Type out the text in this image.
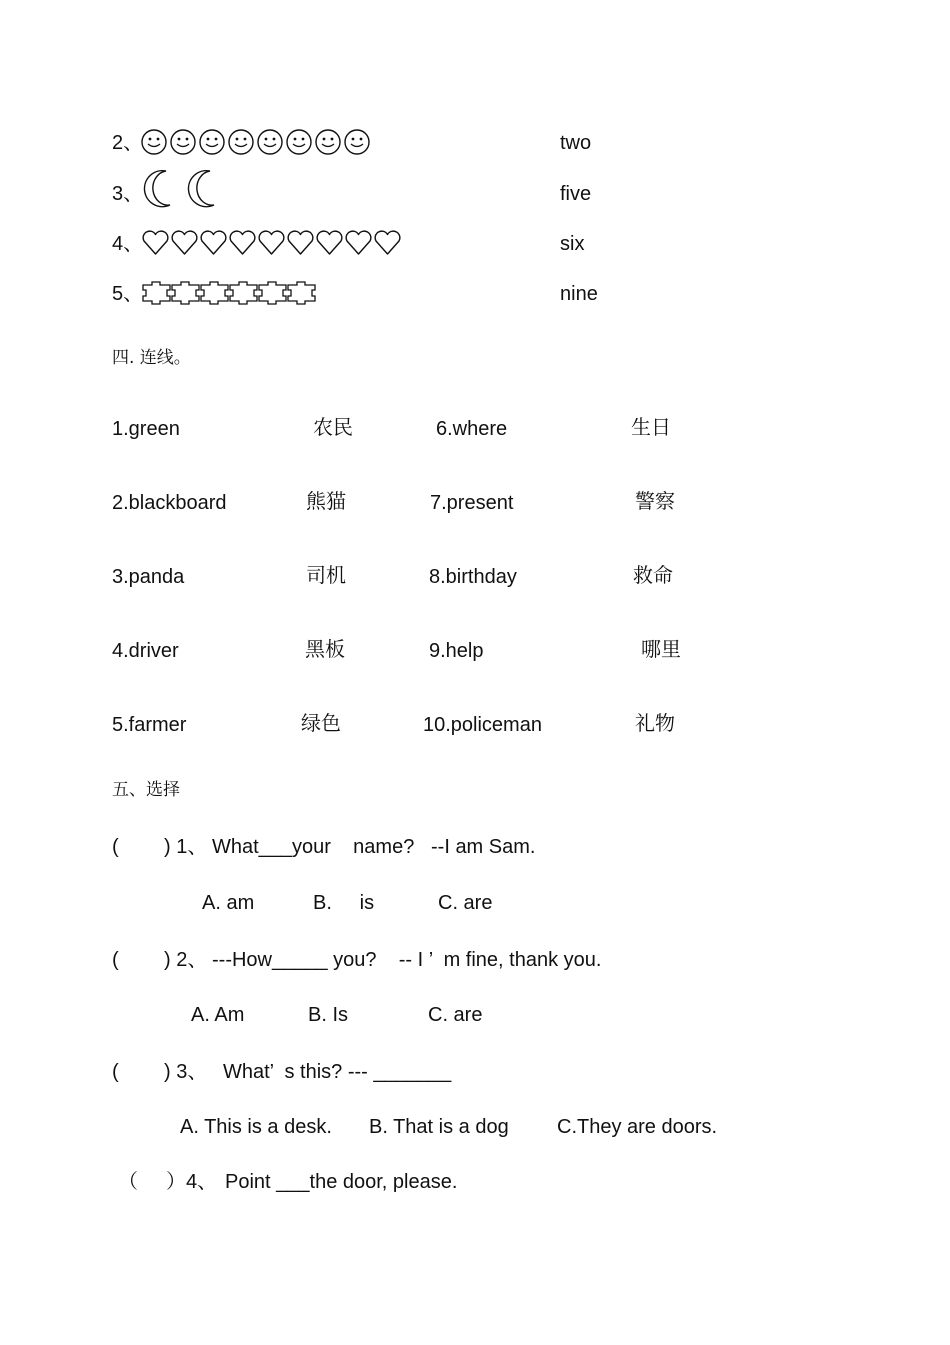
2、	two
3、	five
4、	six
5、	nine
四. 连线。
1.green	农民	6.where	生日
2.blackboard	熊猫	7.present	警察
3.panda	司机	8.birthday	救命
4.driver	黑板	9.help	哪里
5.farmer	绿色	10.policeman	礼物
五、选择
( ) 1、 What___your    name?   --I am Sam.
A. am	B.     is	C. are
( ) 2、 ---How_____ you?    -- I ’  m fine, thank you.
A. Am	B. Is	C. are
( ) 3、 What’  s this? --- _______
A. This is a desk. B. That is a dog C.They are doors.
（ ）4、 Point ___the door, please.
